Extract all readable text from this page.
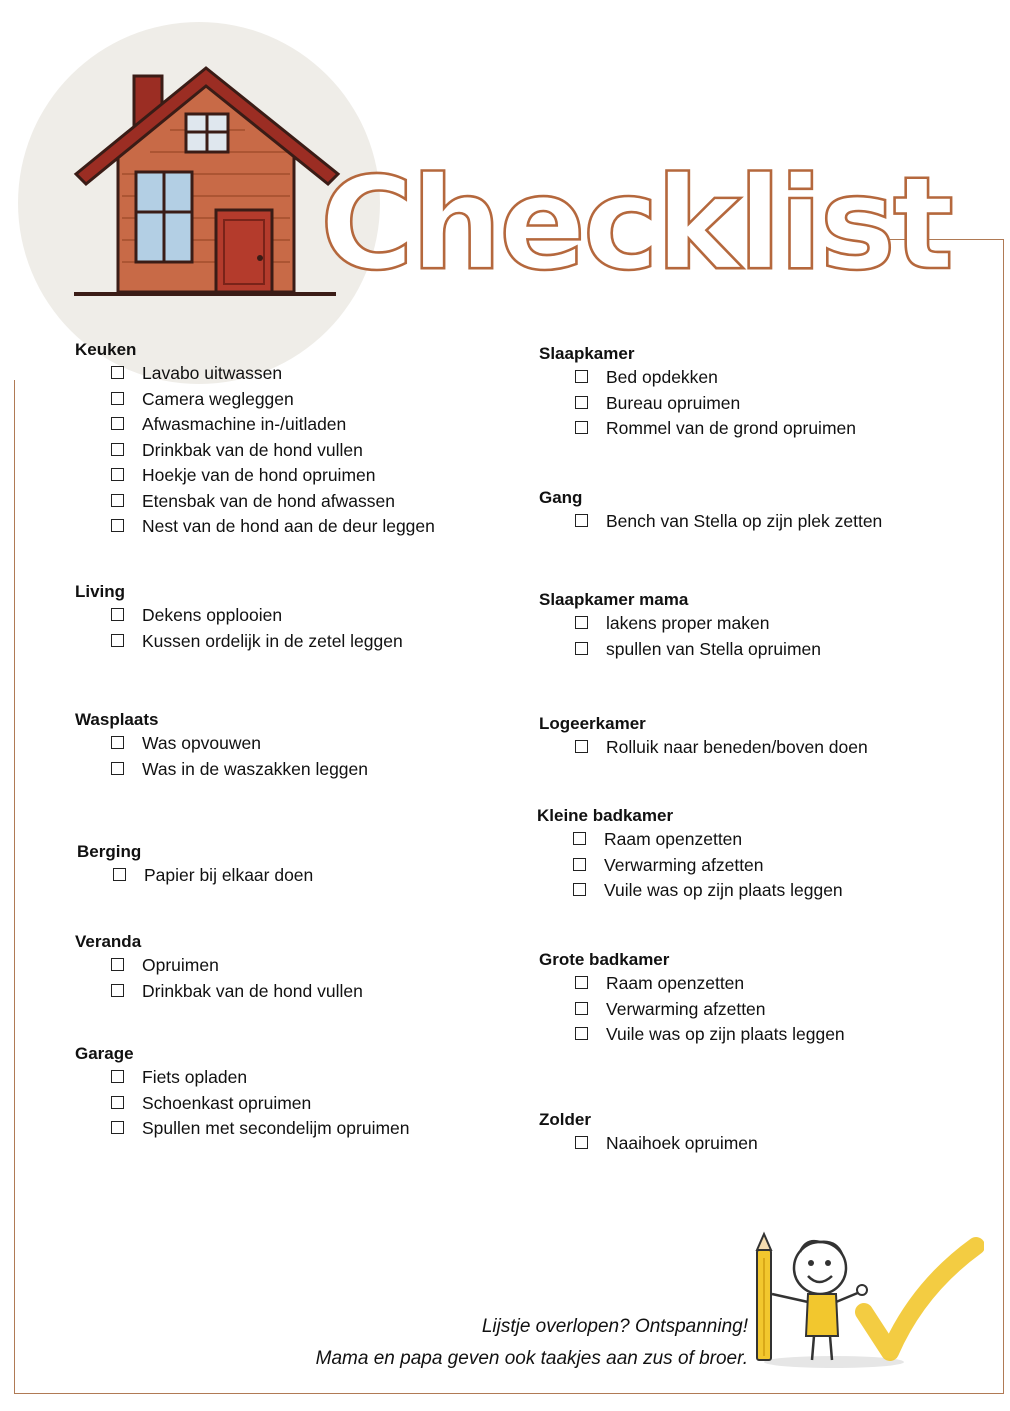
Checklist
Keuken
Lavabo uitwassen
Camera wegleggen
Afwasmachine in-/uitladen
Drinkbak van de hond vullen
Hoekje van de hond opruimen
Etensbak van de hond afwassen
Nest van de hond aan de deur leggen
Living
Dekens opplooien
Kussen ordelijk in de zetel leggen
Wasplaats
Was opvouwen
Was in de waszakken leggen
Berging
Papier bij elkaar doen
Veranda
Opruimen
Drinkbak van de hond vullen
Garage
Fiets opladen
Schoenkast opruimen
Spullen met secondelijm opruimen
Slaapkamer
Bed opdekken
Bureau opruimen
Rommel van de grond opruimen
Gang
Bench van Stella op zijn plek zetten
Slaapkamer mama
lakens proper maken
spullen van Stella opruimen
Logeerkamer
Rolluik naar beneden/boven doen
Kleine badkamer
Raam openzetten
Verwarming afzetten
Vuile was op zijn plaats leggen
Grote badkamer
Raam openzetten
Verwarming afzetten
Vuile was op zijn plaats leggen
Zolder
Naaihoek opruimen
Lijstje overlopen? Ontspanning!
Mama en papa geven ook taakjes aan zus of broer.
